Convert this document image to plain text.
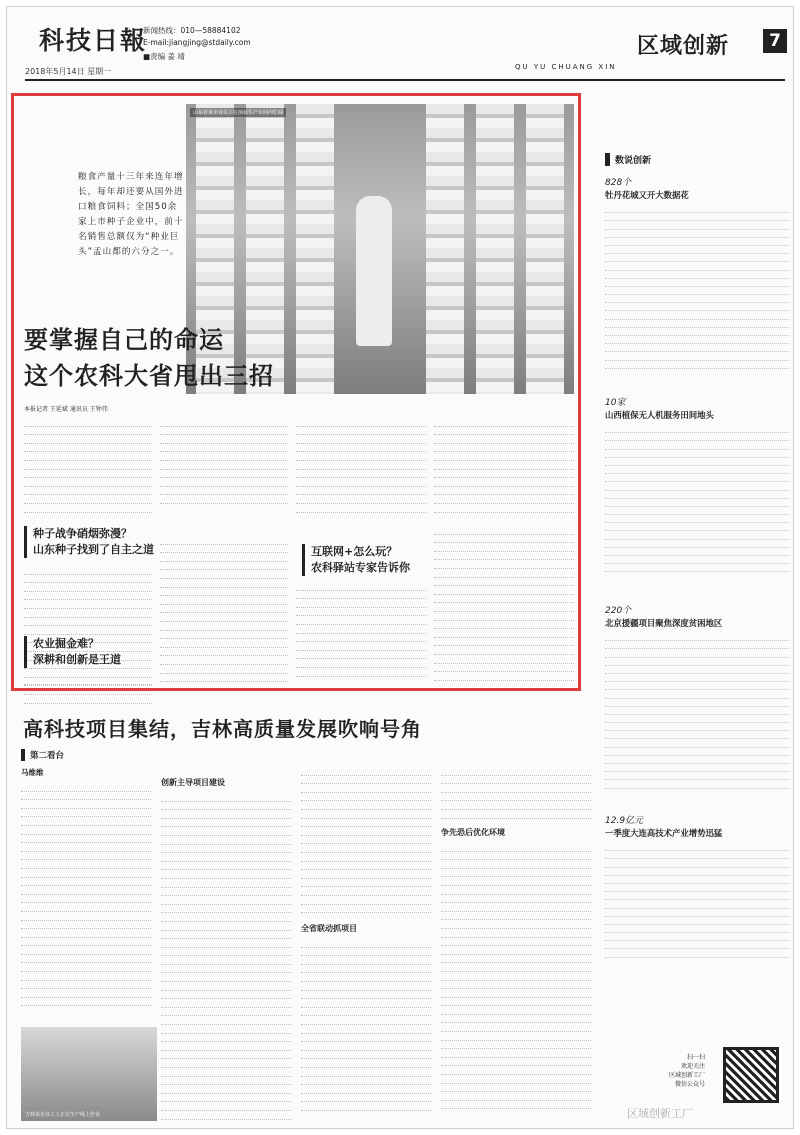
科技日報
2018年5月14日 星期一
新闻热线：010—58884102
E-mail:jiangjing@stdaily.com
■责编 姜 靖
QU YU CHUANG XIN
区域创新	7
山东省某企业员工在菌菇生产车间内忙碌
粮食产量十三年来连年增长，每年却还要从国外进口粮食饲料；全国50余家上市种子企业中，前十名销售总额仅为“种业巨头”孟山都的六分之一。
要掌握自己的命运
这个农科大省甩出三招
本报记者 王延斌 通讯员 王钟伟
种子战争硝烟弥漫？
山东种子找到了自主之道	互联网+怎么玩？
农科驿站专家告诉你
农业掘金难？
深耕和创新是王道
数说创新
828个
牡丹花城又开大数据花
10家
山西植保无人机服务田间地头
220个
北京援疆项目聚焦深度贫困地区
12.9亿元
一季度大连高技术产业增势迅猛
高科技项目集结，吉林高质量发展吹响号角
第二看台
马维维
创新主导项目建设
全省联动抓项目
争先恐后优化环境
吉林某企业工人正在生产线上作业
扫一扫
欢迎关注
区域创新工厂
微信公众号
区域创新工厂
